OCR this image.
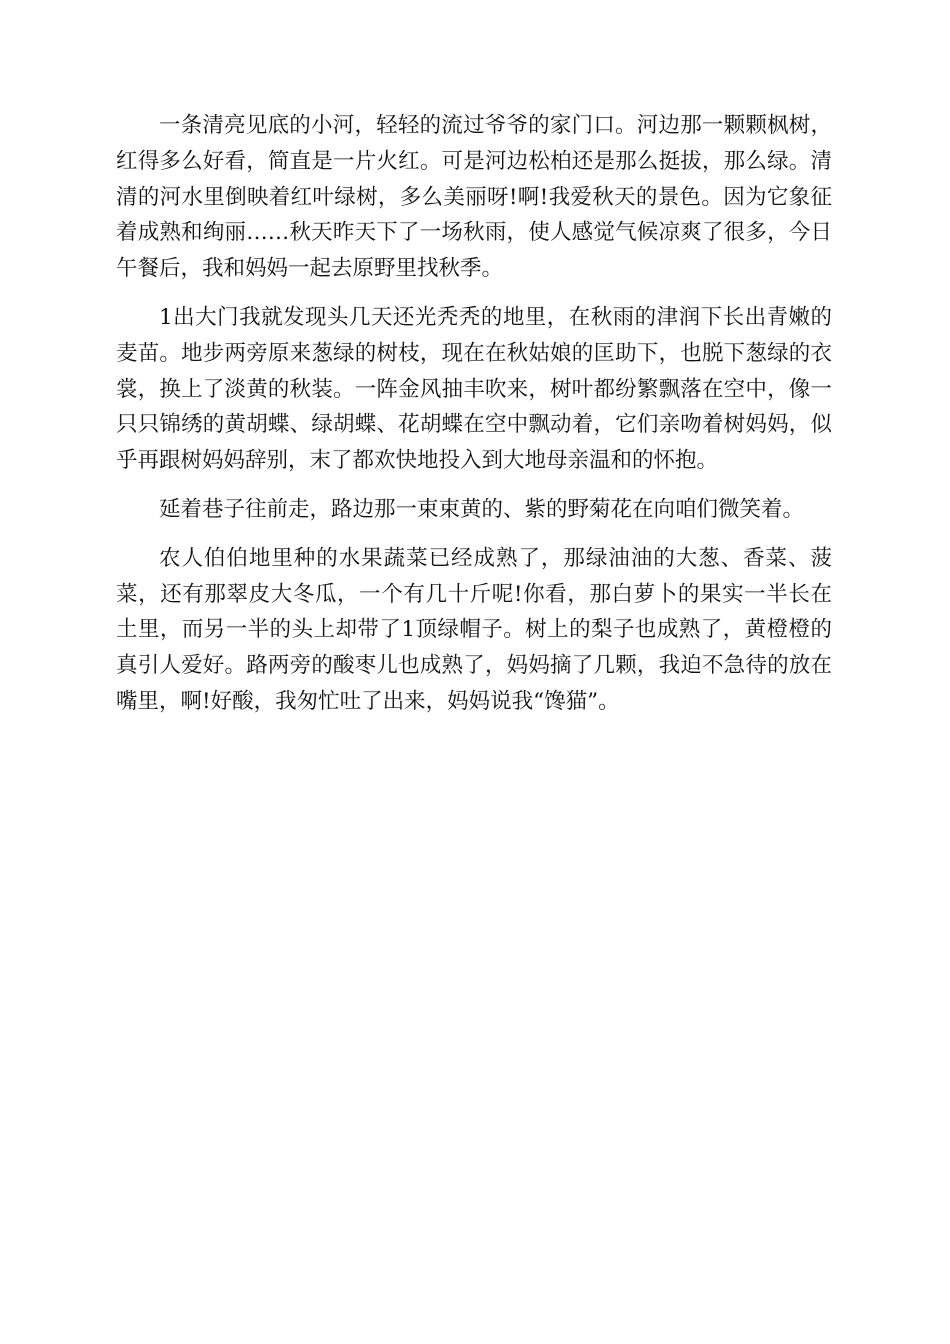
一条清亮见底的小河，轻轻的流过爷爷的家门口。河边那一颗颗枫树，红得多么好看，简直是一片火红。可是河边松柏还是那么挺拔，那么绿。清清的河水里倒映着红叶绿树，多么美丽呀!啊!我爱秋天的景色。因为它象征着成熟和绚丽……秋天昨天下了一场秋雨，使人感觉气候凉爽了很多，今日午餐后，我和妈妈一起去原野里找秋季。

1出大门我就发现头几天还光秃秃的地里，在秋雨的津润下长出青嫩的麦苗。地步两旁原来葱绿的树枝，现在在秋姑娘的匡助下，也脱下葱绿的衣裳，换上了淡黄的秋装。一阵金风抽丰吹来，树叶都纷繁飘落在空中，像一只只锦绣的黄胡蝶、绿胡蝶、花胡蝶在空中飘动着，它们亲吻着树妈妈，似乎再跟树妈妈辞别，末了都欢快地投入到大地母亲温和的怀抱。

延着巷子往前走，路边那一束束黄的、紫的野菊花在向咱们微笑着。

农人伯伯地里种的水果蔬菜已经成熟了，那绿油油的大葱、香菜、菠菜，还有那翠皮大冬瓜，一个有几十斤呢!你看，那白萝卜的果实一半长在土里，而另一半的头上却带了1顶绿帽子。树上的梨子也成熟了，黄橙橙的真引人爱好。路两旁的酸枣儿也成熟了，妈妈摘了几颗，我迫不急待的放在嘴里，啊!好酸，我匆忙吐了出来，妈妈说我“馋猫”。
